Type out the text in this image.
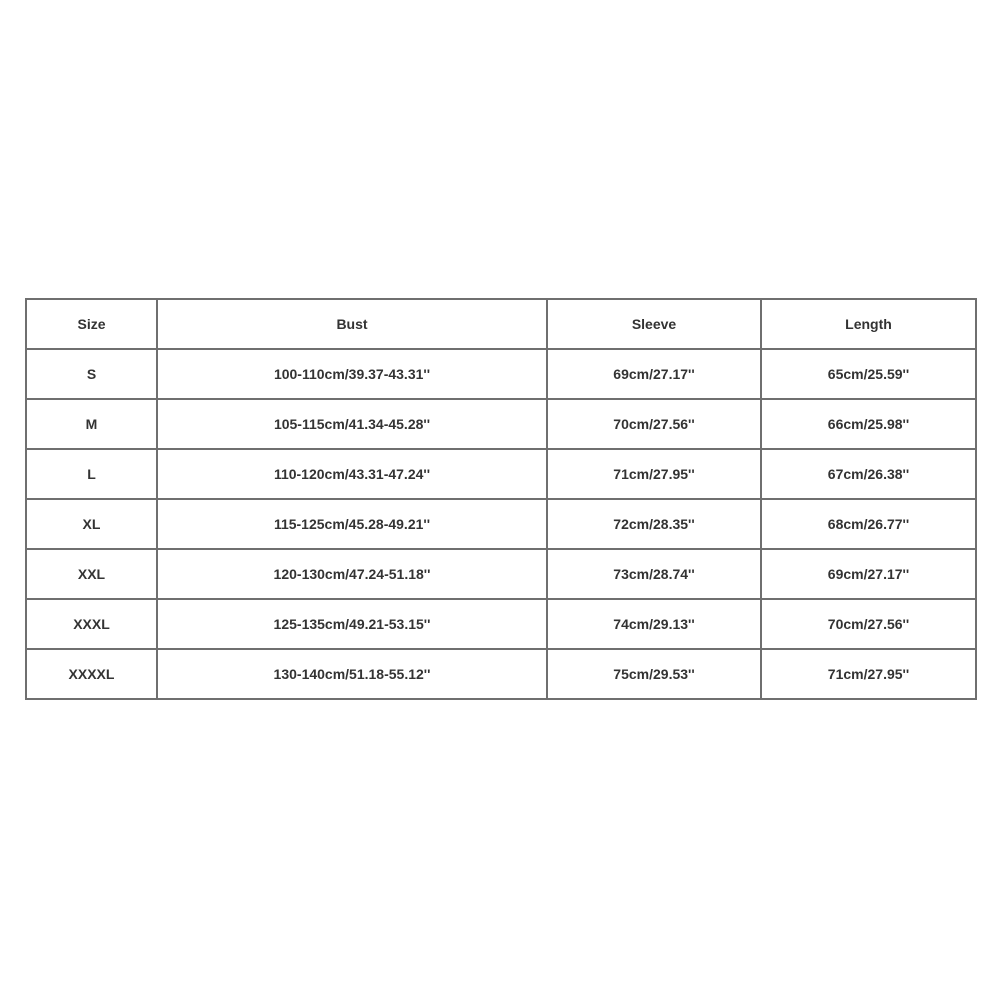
Size	Bust	Sleeve	Length
S	100-110cm/39.37-43.31''	69cm/27.17''	65cm/25.59''
M	105-115cm/41.34-45.28''	70cm/27.56''	66cm/25.98''
L	110-120cm/43.31-47.24''	71cm/27.95''	67cm/26.38''
XL	115-125cm/45.28-49.21''	72cm/28.35''	68cm/26.77''
XXL	120-130cm/47.24-51.18''	73cm/28.74''	69cm/27.17''
XXXL	125-135cm/49.21-53.15''	74cm/29.13''	70cm/27.56''
XXXXL	130-140cm/51.18-55.12''	75cm/29.53''	71cm/27.95''
